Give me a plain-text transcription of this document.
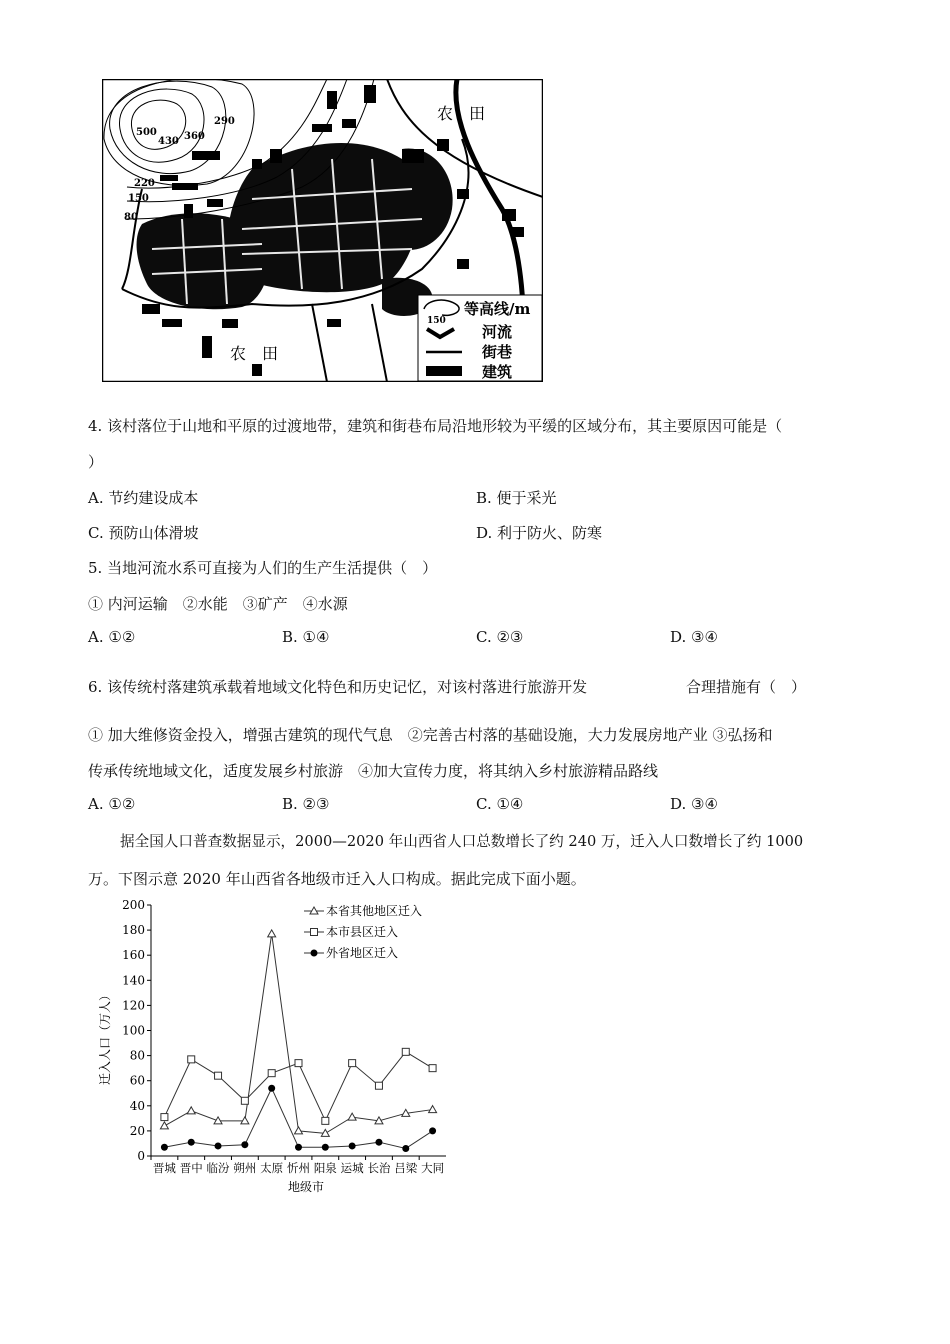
500
430 360
290
220
150
80
农　田
农　田
150
等高线/m
河流
街巷
建筑
4. 该村落位于山地和平原的过渡地带，建筑和街巷布局沿地形较为平缓的区域分布，其主要原因可能是（
）
A. 节约建设成本	B. 便于采光
C. 预防山体滑坡	D. 利于防火、防寒
5. 当地河流水系可直接为人们的生产生活提供（　）
① 内河运输　②水能　③矿产　④水源
A. ①②	B. ①④	C. ②③	D. ③④
6. 该传统村落建筑承载着地域文化特色和历史记忆，对该村落进行旅游开发	合理措施有（　）
① 加大维修资金投入，增强古建筑的现代气息　②完善古村落的基础设施，大力发展房地产业 ③弘扬和
传承传统地域文化，适度发展乡村旅游　④加大宣传力度，将其纳入乡村旅游精品路线
A. ①②	B. ②③	C. ①④	D. ③④
据全国人口普查数据显示，2000—2020 年山西省人口总数增长了约 240 万，迁入人口数增长了约 1000
万。下图示意 2020 年山西省各地级市迁入人口构成。据此完成下面小题。
0
20
40
60
80
100
120
140
160
180
200
晋城 晋中 临汾 朔州 太原 忻州 阳泉 运城 长治 吕梁 大同
本省其他地区迁入
本市县区迁入
外省地区迁入
迁入人口（万人）
地级市
